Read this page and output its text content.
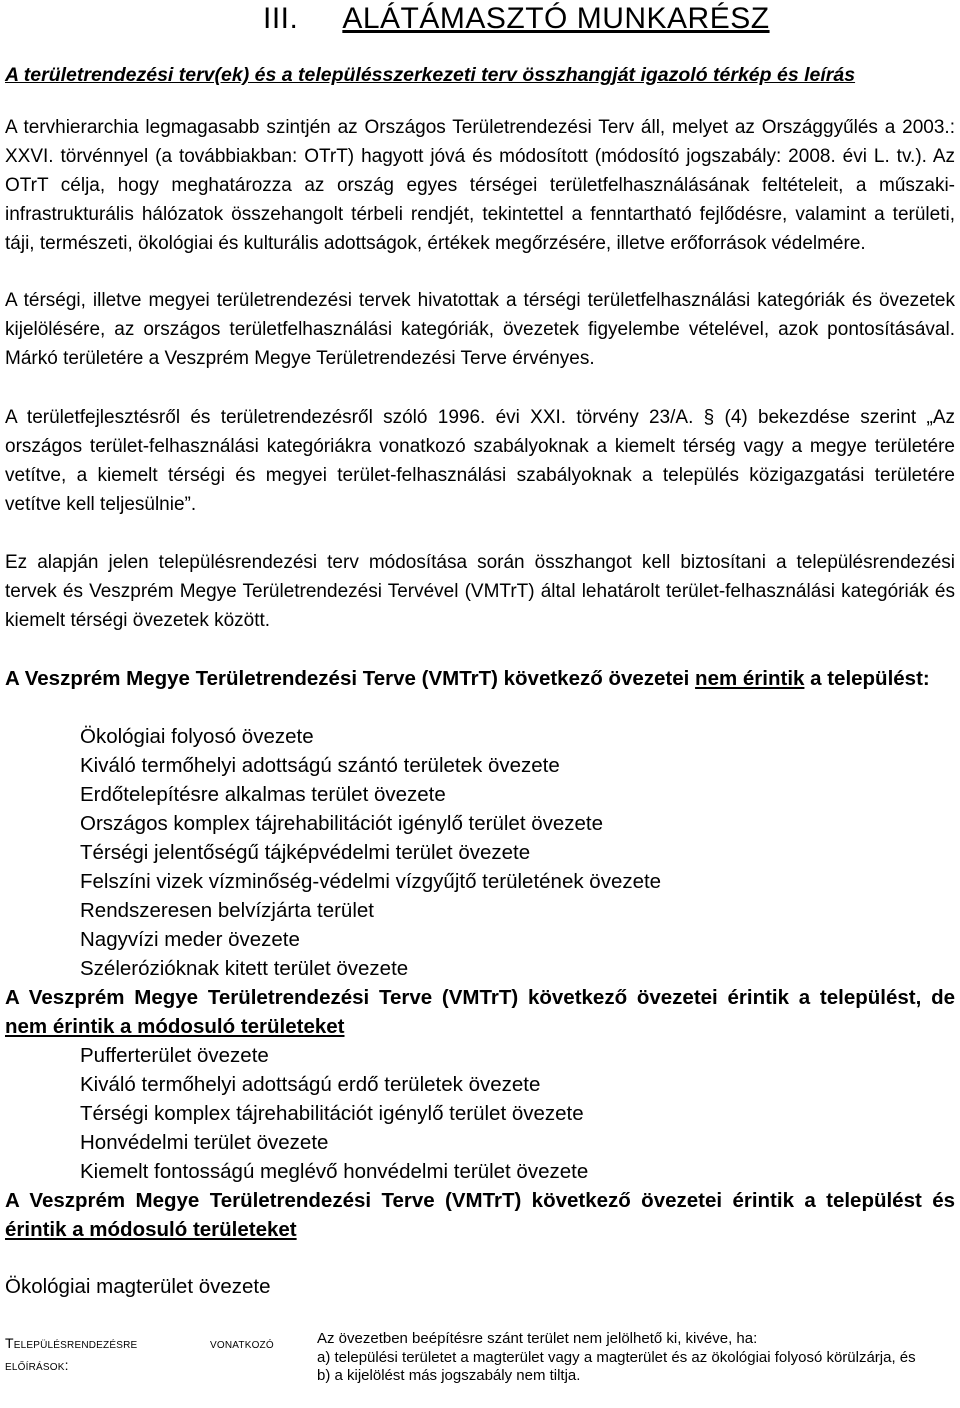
III. ALÁTÁMASZTÓ MUNKARÉSZ
A területrendezési terv(ek) és a településszerkezeti terv összhangját igazoló térkép és leírás
A tervhierarchia legmagasabb szintjén az Országos Területrendezési Terv áll, melyet az Országgyűlés a 2003.: XXVI. törvénnyel (a továbbiakban: OTrT) hagyott jóvá és módosított (módosító jogszabály: 2008. évi L. tv.). Az OTrT célja, hogy meghatározza az ország egyes térségei területfelhasználásának feltételeit, a műszaki-infrastrukturális hálózatok összehangolt térbeli rendjét, tekintettel a fenntartható fejlődésre, valamint a területi, táji, természeti, ökológiai és kulturális adottságok, értékek megőrzésére, illetve erőforrások védelmére.
A térségi, illetve megyei területrendezési tervek hivatottak a térségi területfelhasználási kategóriák és övezetek kijelölésére, az országos területfelhasználási kategóriák, övezetek figyelembe vételével, azok pontosításával. Márkó területére a Veszprém Megye Területrendezési Terve érvényes.
A területfejlesztésről és területrendezésről szóló 1996. évi XXI. törvény 23/A. § (4) bekezdése szerint „Az országos terület-felhasználási kategóriákra vonatkozó szabályoknak a kiemelt térség vagy a megye területére vetítve, a kiemelt térségi és megyei terület-felhasználási szabályoknak a település közigazgatási területére vetítve kell teljesülnie”.
Ez alapján jelen településrendezési terv módosítása során összhangot kell biztosítani a településrendezési tervek és Veszprém Megye Területrendezési Tervével (VMTrT) által lehatárolt terület-felhasználási kategóriák és kiemelt térségi övezetek között.
A Veszprém Megye Területrendezési Terve (VMTrT) következő övezetei nem érintik a települést:
Ökológiai folyosó övezete
Kiváló termőhelyi adottságú szántó területek övezete
Erdőtelepítésre alkalmas terület övezete
Országos komplex tájrehabilitációt igénylő terület övezete
Térségi jelentőségű tájképvédelmi terület övezete
Felszíni vizek vízminőség-védelmi vízgyűjtő területének övezete
Rendszeresen belvízjárta terület
Nagyvízi meder övezete
Szélerózióknak kitett terület övezete
A Veszprém Megye Területrendezési Terve (VMTrT) következő övezetei érintik a települést, de nem érintik a módosuló területeket
Pufferterület övezete
Kiváló termőhelyi adottságú erdő területek övezete
Térségi komplex tájrehabilitációt igénylő terület övezete
Honvédelmi terület övezete
Kiemelt fontosságú meglévő honvédelmi terület övezete
A Veszprém Megye Területrendezési Terve (VMTrT) következő övezetei érintik a települést és érintik a módosuló területeket
Ökológiai magterület övezete
Településrendezésre	vonatkozó
előírások:
Az övezetben beépítésre szánt terület nem jelölhető ki, kivéve, ha:
a) települési területet a magterület vagy a magterület és az ökológiai folyosó körülzárja, és
b) a kijelölést más jogszabály nem tiltja.
